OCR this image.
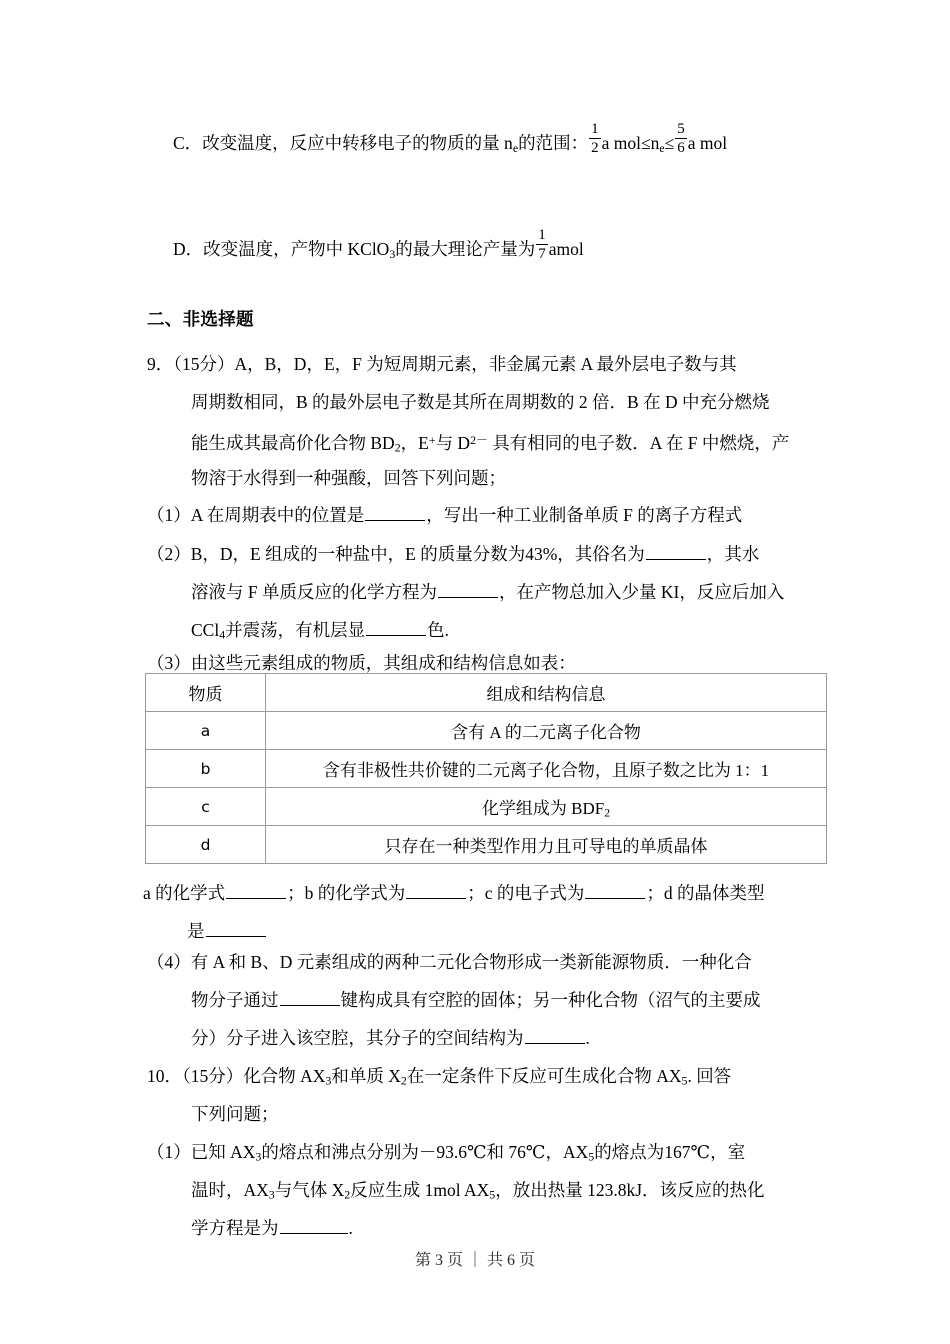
C．改变温度，反应中转移电子的物质的量 $n_e$的范围： $\frac{1}{2}$ a $mol\le n_e\le \frac{5}{6}$ a mol
D．改变温度，产物中 KClO$_3$的最大理论产量为 $\frac{1}{7}$ amol
二、非选择题
9．（15分）A，B，D，E，F 为短周期元素，非金属元素 A 最外层电子数与其
周期数相同，B 的最外层电子数是其所在周期数的 2 倍．B 在 D 中充分燃烧
能生成其最高价化合物 $BD_2$，E+与 $D^{2-}$ 具有相同的电子数．A 在 F 中燃烧，产
物溶于水得到一种强酸，回答下列问题；
（1）A 在周期表中的位置是	，写出一种工业制备单质 F 的离子方程式
（2）B，D，E 组成的一种盐中，E 的质量分数为43%，其俗名为	，其水
溶液与 F 单质反应的化学方程为	，在产物总加入少量 KI，反应后加入
CCl$_4$并震荡，有机层显	色.
（3）由这些元素组成的物质，其组成和结构信息如表：
物质	组成和结构信息
a	含有 A 的二元离子化合物
b	含有非极性共价键的二元离子化合物，且原子数之比为 1：1
c	化学组成为 $BDF_2$
d	只存在一种类型作用力且可导电的单质晶体
a 的化学式	；b 的化学式为	；c 的电子式为	；d 的晶体类型
是
（4）有 A 和 B、D 元素组成的两种二元化合物形成一类新能源物质．一种化合
物分子通过	键构成具有空腔的固体；另一种化合物（沼气的主要成
分）分子进入该空腔，其分子的空间结构为	.
10．（15分）化合物 $AX_3$和单质 $X_2$在一定条件下反应可生成化合物 $AX_5$. 回答
下列问题；
（1）已知 $AX_3$的熔点和沸点分别为－93.6℃和 76℃，$AX_5$的熔点为167℃，室
温时，$AX_3$与气体 $X_2$反应生成 1mol $AX_5$，放出热量 123.8kJ．该反应的热化
学方程是为	.
第 3 页 ｜ 共 6 页
